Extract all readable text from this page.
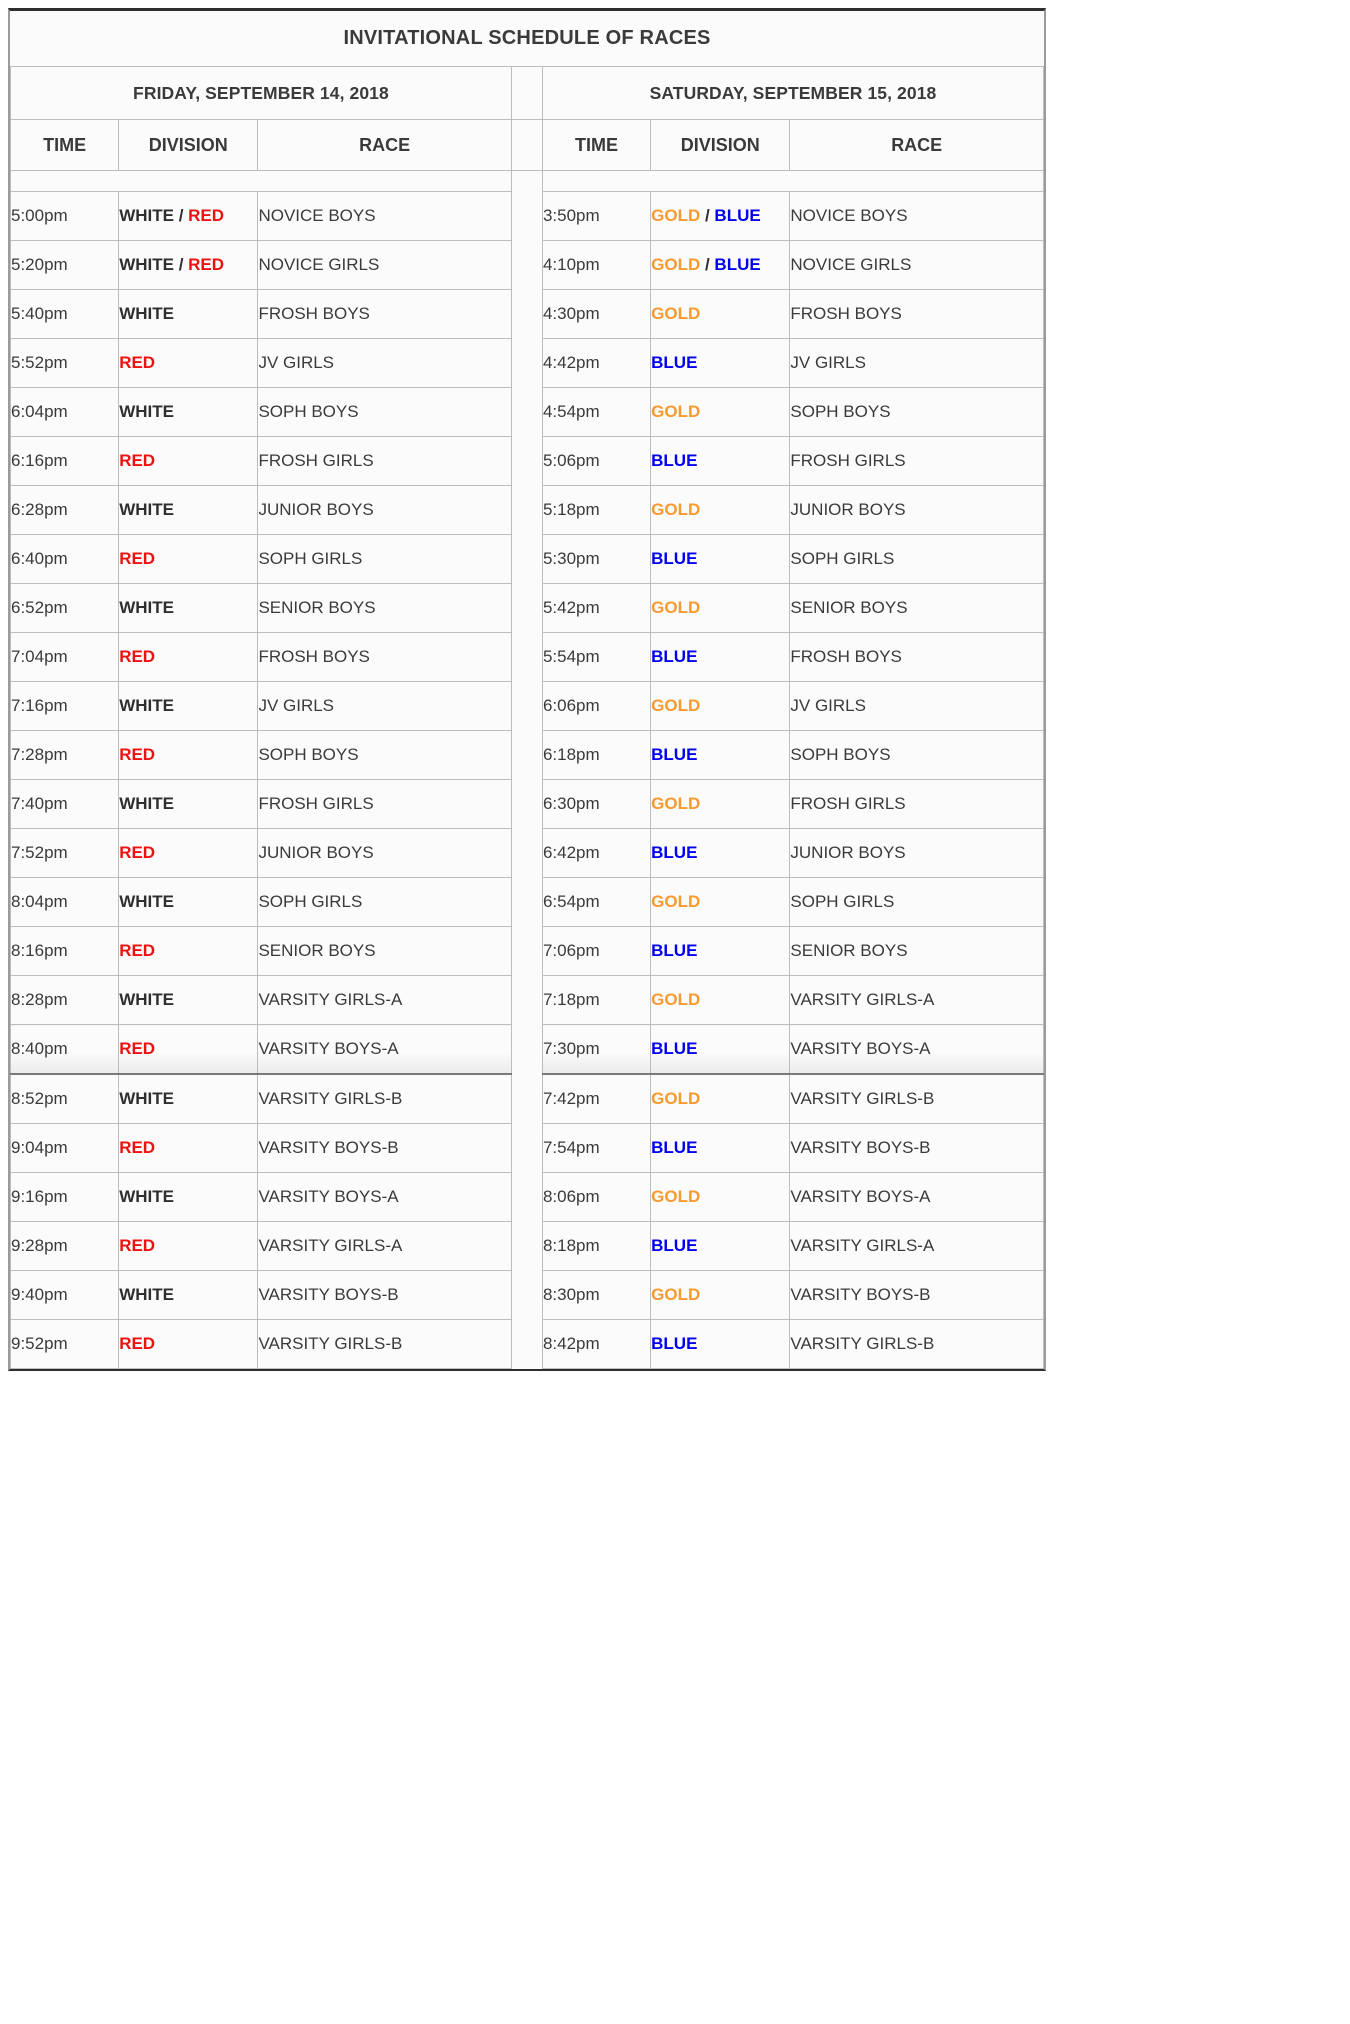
INVITATIONAL SCHEDULE OF RACES						
FRIDAY, SEPTEMBER 14, 2018				SATURDAY, SEPTEMBER 15, 2018		
TIME	DIVISION	RACE		TIME	DIVISION	RACE

5:00pm	WHITE / RED	NOVICE BOYS		3:50pm	GOLD / BLUE	NOVICE BOYS
5:20pm	WHITE / RED	NOVICE GIRLS		4:10pm	GOLD / BLUE	NOVICE GIRLS
5:40pm	WHITE	FROSH BOYS		4:30pm	GOLD	FROSH BOYS
5:52pm	RED	JV GIRLS		4:42pm	BLUE	JV GIRLS
6:04pm	WHITE	SOPH BOYS		4:54pm	GOLD	SOPH BOYS
6:16pm	RED	FROSH GIRLS		5:06pm	BLUE	FROSH GIRLS
6:28pm	WHITE	JUNIOR BOYS		5:18pm	GOLD	JUNIOR BOYS
6:40pm	RED	SOPH GIRLS		5:30pm	BLUE	SOPH GIRLS
6:52pm	WHITE	SENIOR BOYS		5:42pm	GOLD	SENIOR BOYS
7:04pm	RED	FROSH BOYS		5:54pm	BLUE	FROSH BOYS
7:16pm	WHITE	JV GIRLS		6:06pm	GOLD	JV GIRLS
7:28pm	RED	SOPH BOYS		6:18pm	BLUE	SOPH BOYS
7:40pm	WHITE	FROSH GIRLS		6:30pm	GOLD	FROSH GIRLS
7:52pm	RED	JUNIOR BOYS		6:42pm	BLUE	JUNIOR BOYS
8:04pm	WHITE	SOPH GIRLS		6:54pm	GOLD	SOPH GIRLS
8:16pm	RED	SENIOR BOYS		7:06pm	BLUE	SENIOR BOYS
8:28pm	WHITE	VARSITY GIRLS-A		7:18pm	GOLD	VARSITY GIRLS-A
8:40pm	RED	VARSITY BOYS-A		7:30pm	BLUE	VARSITY BOYS-A
8:52pm	WHITE	VARSITY GIRLS-B		7:42pm	GOLD	VARSITY GIRLS-B
9:04pm	RED	VARSITY BOYS-B		7:54pm	BLUE	VARSITY BOYS-B
9:16pm	WHITE	VARSITY BOYS-A		8:06pm	GOLD	VARSITY BOYS-A
9:28pm	RED	VARSITY GIRLS-A		8:18pm	BLUE	VARSITY GIRLS-A
9:40pm	WHITE	VARSITY BOYS-B		8:30pm	GOLD	VARSITY BOYS-B
9:52pm	RED	VARSITY GIRLS-B		8:42pm	BLUE	VARSITY GIRLS-B
